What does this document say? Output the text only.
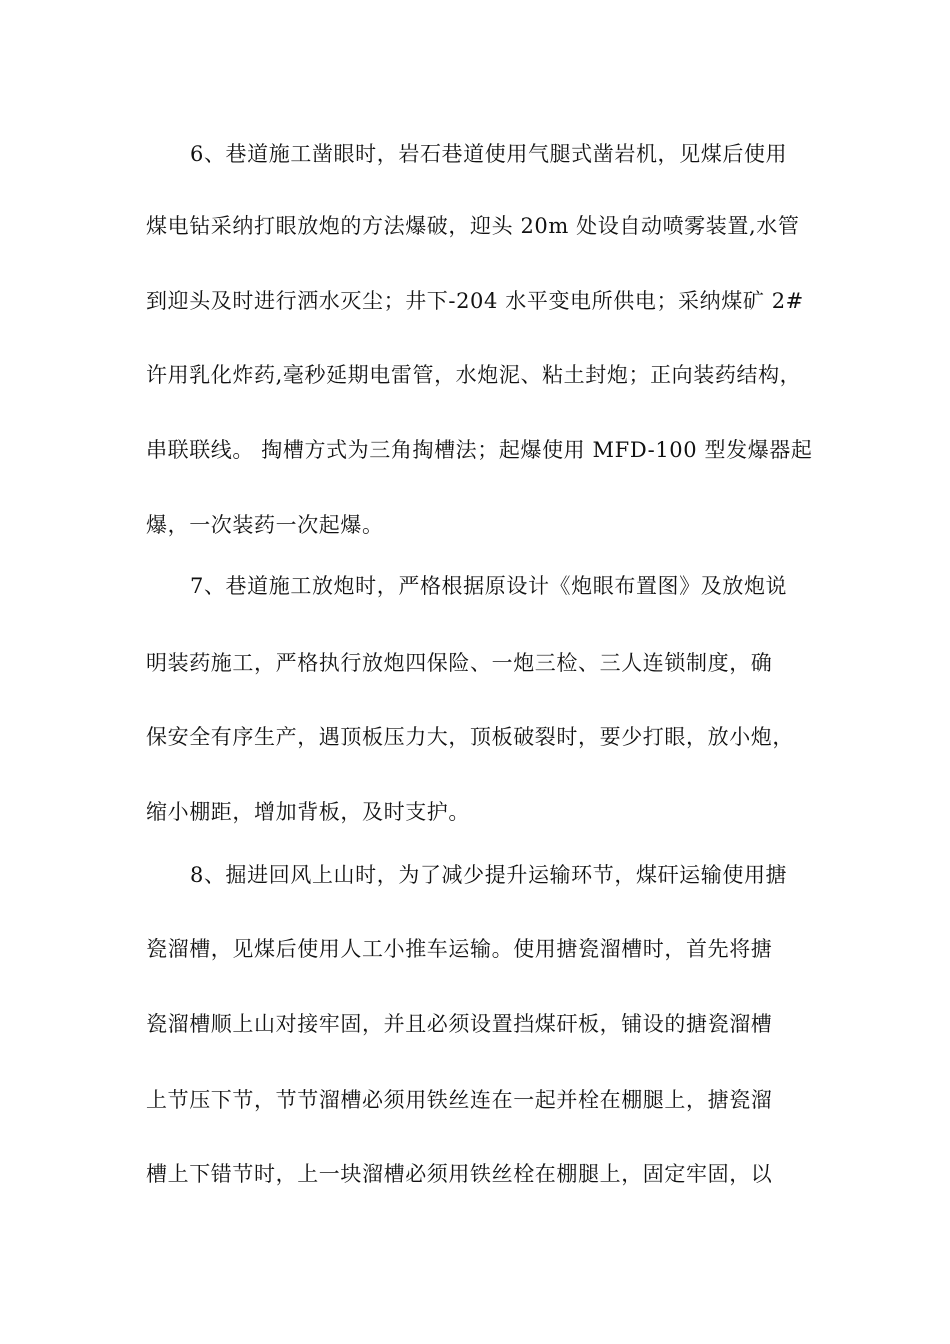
6、巷道施工凿眼时，岩石巷道使用气腿式凿岩机，见煤后使用
煤电钻采纳打眼放炮的方法爆破，迎头 20m 处设自动喷雾装置,水管
到迎头及时进行洒水灭尘；井下-204 水平变电所供电；采纳煤矿 2#
许用乳化炸药,毫秒延期电雷管，水炮泥、粘土封炮；正向装药结构，
串联联线。 掏槽方式为三角掏槽法；起爆使用 MFD-100 型发爆器起
爆，一次装药一次起爆。
7、巷道施工放炮时，严格根据原设计《炮眼布置图》及放炮说
明装药施工，严格执行放炮四保险、一炮三检、三人连锁制度，确
保安全有序生产，遇顶板压力大，顶板破裂时，要少打眼，放小炮，
缩小棚距，增加背板，及时支护。
8、掘进回风上山时，为了减少提升运输环节，煤矸运输使用搪
瓷溜槽，见煤后使用人工小推车运输。使用搪瓷溜槽时，首先将搪
瓷溜槽顺上山对接牢固，并且必须设置挡煤矸板，铺设的搪瓷溜槽
上节压下节，节节溜槽必须用铁丝连在一起并栓在棚腿上，搪瓷溜
槽上下错节时，上一块溜槽必须用铁丝栓在棚腿上，固定牢固，以
